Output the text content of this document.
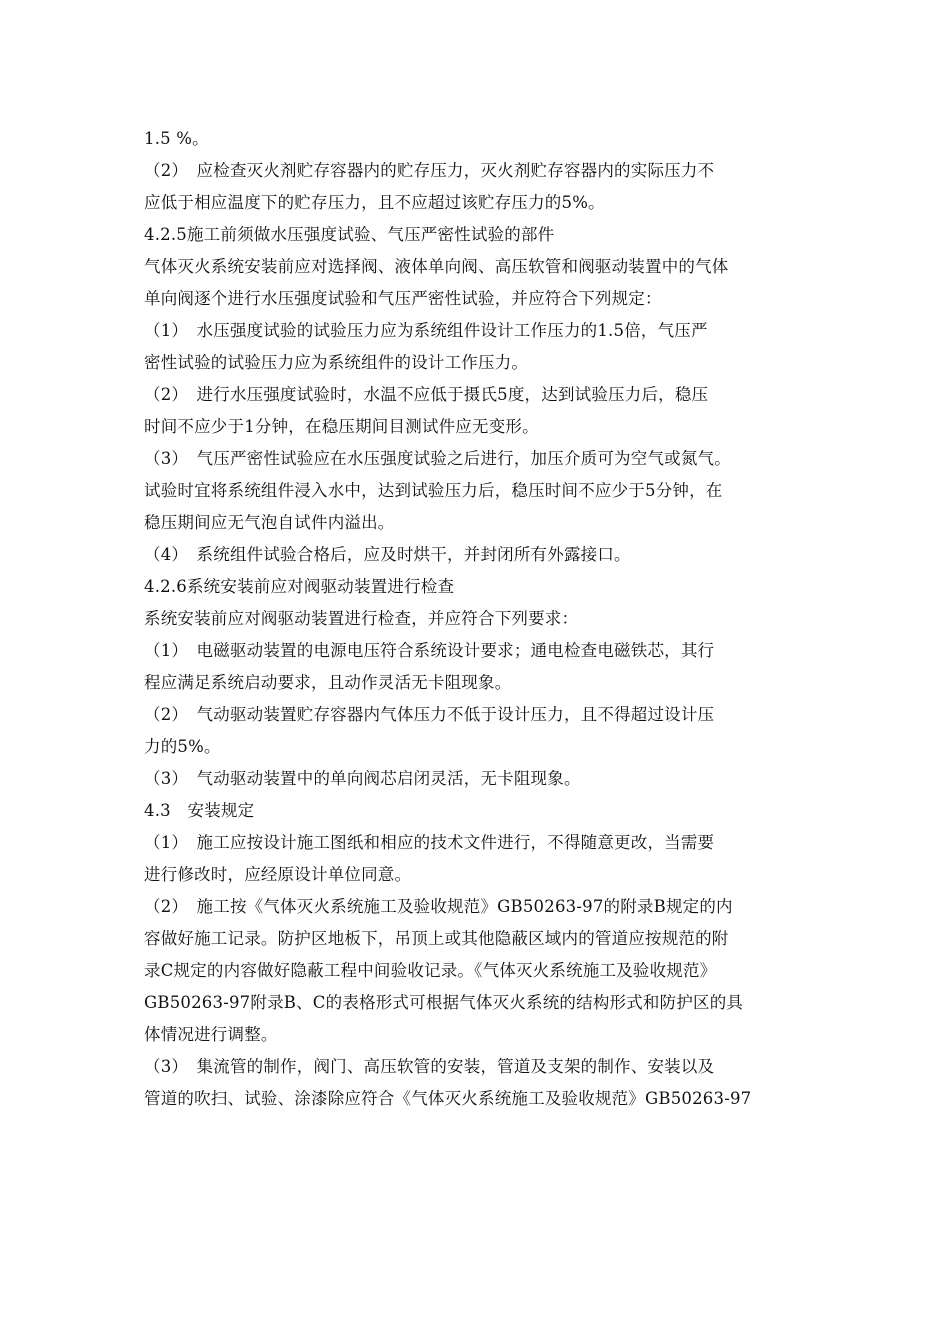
1.5 %。
（2）　应检查灭火剂贮存容器内的贮存压力，灭火剂贮存容器内的实际压力不
应低于相应温度下的贮存压力，且不应超过该贮存压力的5%。
4.2.5施工前须做水压强度试验、气压严密性试验的部件
气体灭火系统安装前应对选择阀、液体单向阀、高压软管和阀驱动装置中的气体
单向阀逐个进行水压强度试验和气压严密性试验，并应符合下列规定：
（1）　水压强度试验的试验压力应为系统组件设计工作压力的1.5倍，气压严
密性试验的试验压力应为系统组件的设计工作压力。
（2）　进行水压强度试验时，水温不应低于摄氏5度，达到试验压力后，稳压
时间不应少于1分钟，在稳压期间目测试件应无变形。
（3）　气压严密性试验应在水压强度试验之后进行，加压介质可为空气或氮气。
试验时宜将系统组件浸入水中，达到试验压力后，稳压时间不应少于5分钟，在
稳压期间应无气泡自试件内溢出。
（4）　系统组件试验合格后，应及时烘干，并封闭所有外露接口。
4.2.6系统安装前应对阀驱动装置进行检查
系统安装前应对阀驱动装置进行检查，并应符合下列要求：
（1）　电磁驱动装置的电源电压符合系统设计要求；通电检查电磁铁芯，其行
程应满足系统启动要求，且动作灵活无卡阻现象。
（2）　气动驱动装置贮存容器内气体压力不低于设计压力，且不得超过设计压
力的5%。
（3）　气动驱动装置中的单向阀芯启闭灵活，无卡阻现象。
4.3　安装规定
（1）　施工应按设计施工图纸和相应的技术文件进行，不得随意更改，当需要
进行修改时，应经原设计单位同意。
（2）　施工按《气体灭火系统施工及验收规范》GB50263-97的附录B规定的内
容做好施工记录。防护区地板下，吊顶上或其他隐蔽区域内的管道应按规范的附
录C规定的内容做好隐蔽工程中间验收记录。《气体灭火系统施工及验收规范》
GB50263-97附录B、C的表格形式可根据气体灭火系统的结构形式和防护区的具
体情况进行调整。
（3）　集流管的制作，阀门、高压软管的安装，管道及支架的制作、安装以及
管道的吹扫、试验、涂漆除应符合《气体灭火系统施工及验收规范》GB50263-97
